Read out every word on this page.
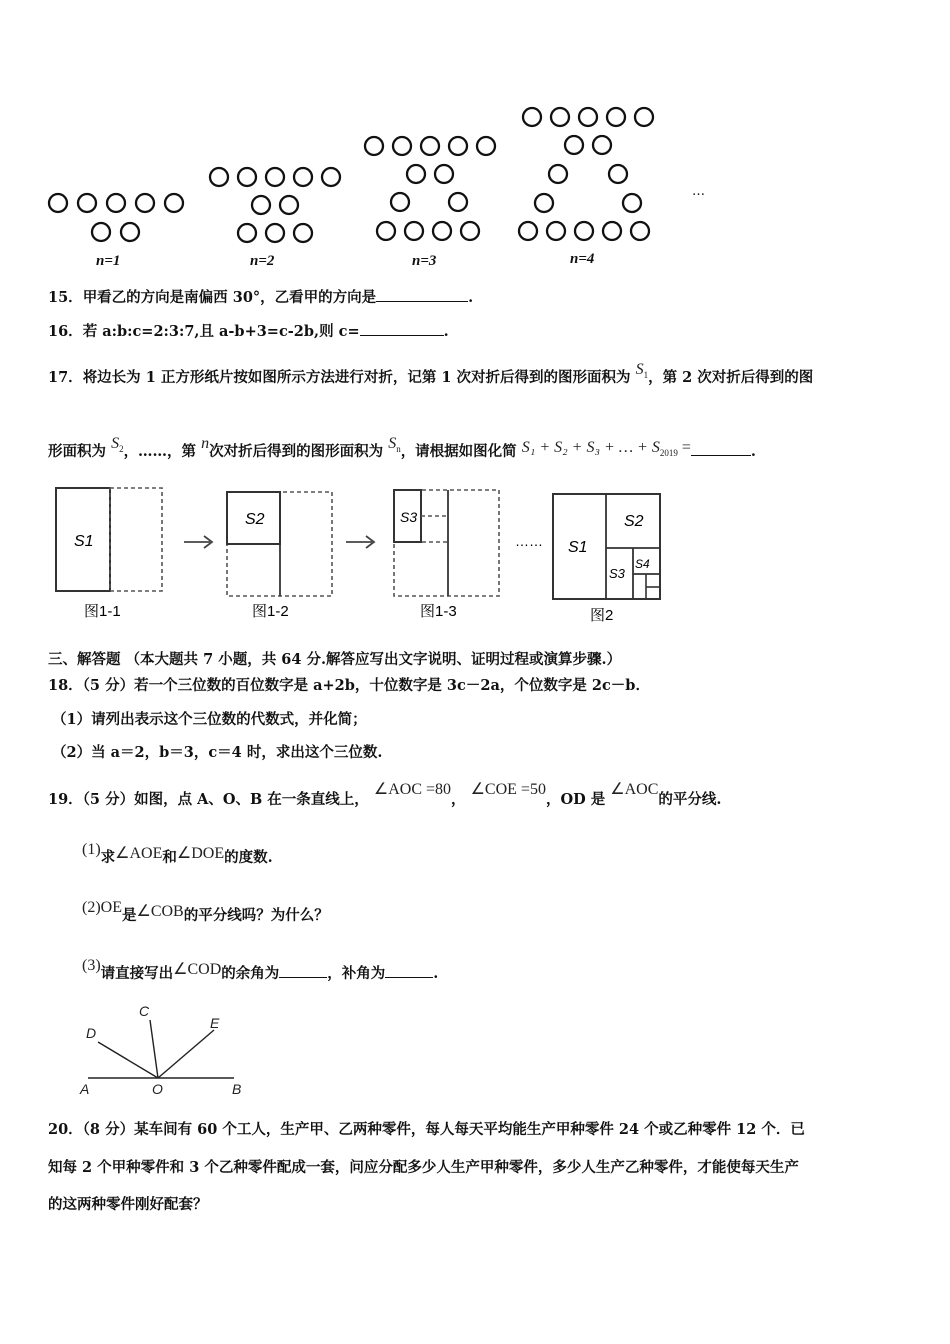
n=1	n=2	n=3	n=4
…
15．甲看乙的方向是南偏西 30°，乙看甲的方向是	.
16．若 a:b:c=2:3:7,且 a-b+3=c-2b,则 c=	.
17．将边长为 1 正方形纸片按如图所示方法进行对折，记第 1 次对折后得到的图形面积为 $S_1$，第 2 次对折后得到的图
形面积为 $S_2$，……，第 n次对折后得到的图形面积为 $S_n$，请根据如图化简 S₁ + S₂ + S₃ + … + $S_{2019}$ =	.
S1
S2	S3
…… S1
S2
S3
S4
图1-1	图1-2	图1-3	图2
三、解答题 （本大题共 7 小题，共 64 分.解答应写出文字说明、证明过程或演算步骤.）
18．（5 分）若一个三位数的百位数字是 a+2b，十位数字是 3c－2a，个位数字是 2c－b．
（1）请列出表示这个三位数的代数式，并化简；
（2）当 a＝2，b＝3，c＝4 时，求出这个三位数.
19．（5 分）如图，点 A、O、B 在一条直线上， ∠AOC =80， ∠COE =50，OD 是 ∠AOC的平分线.
(1)求∠AOE和∠DOE的度数.
(2)OE是∠COB的平分线吗？为什么？
(3)请直接写出∠COD的余角为	，补角为	.
A	O	B
C
D
E
20．（8 分）某车间有 60 个工人，生产甲、乙两种零件，每人每天平均能生产甲种零件 24 个或乙种零件 12 个．已
知每 2 个甲种零件和 3 个乙种零件配成一套，问应分配多少人生产甲种零件，多少人生产乙种零件，才能使每天生产
的这两种零件刚好配套？
